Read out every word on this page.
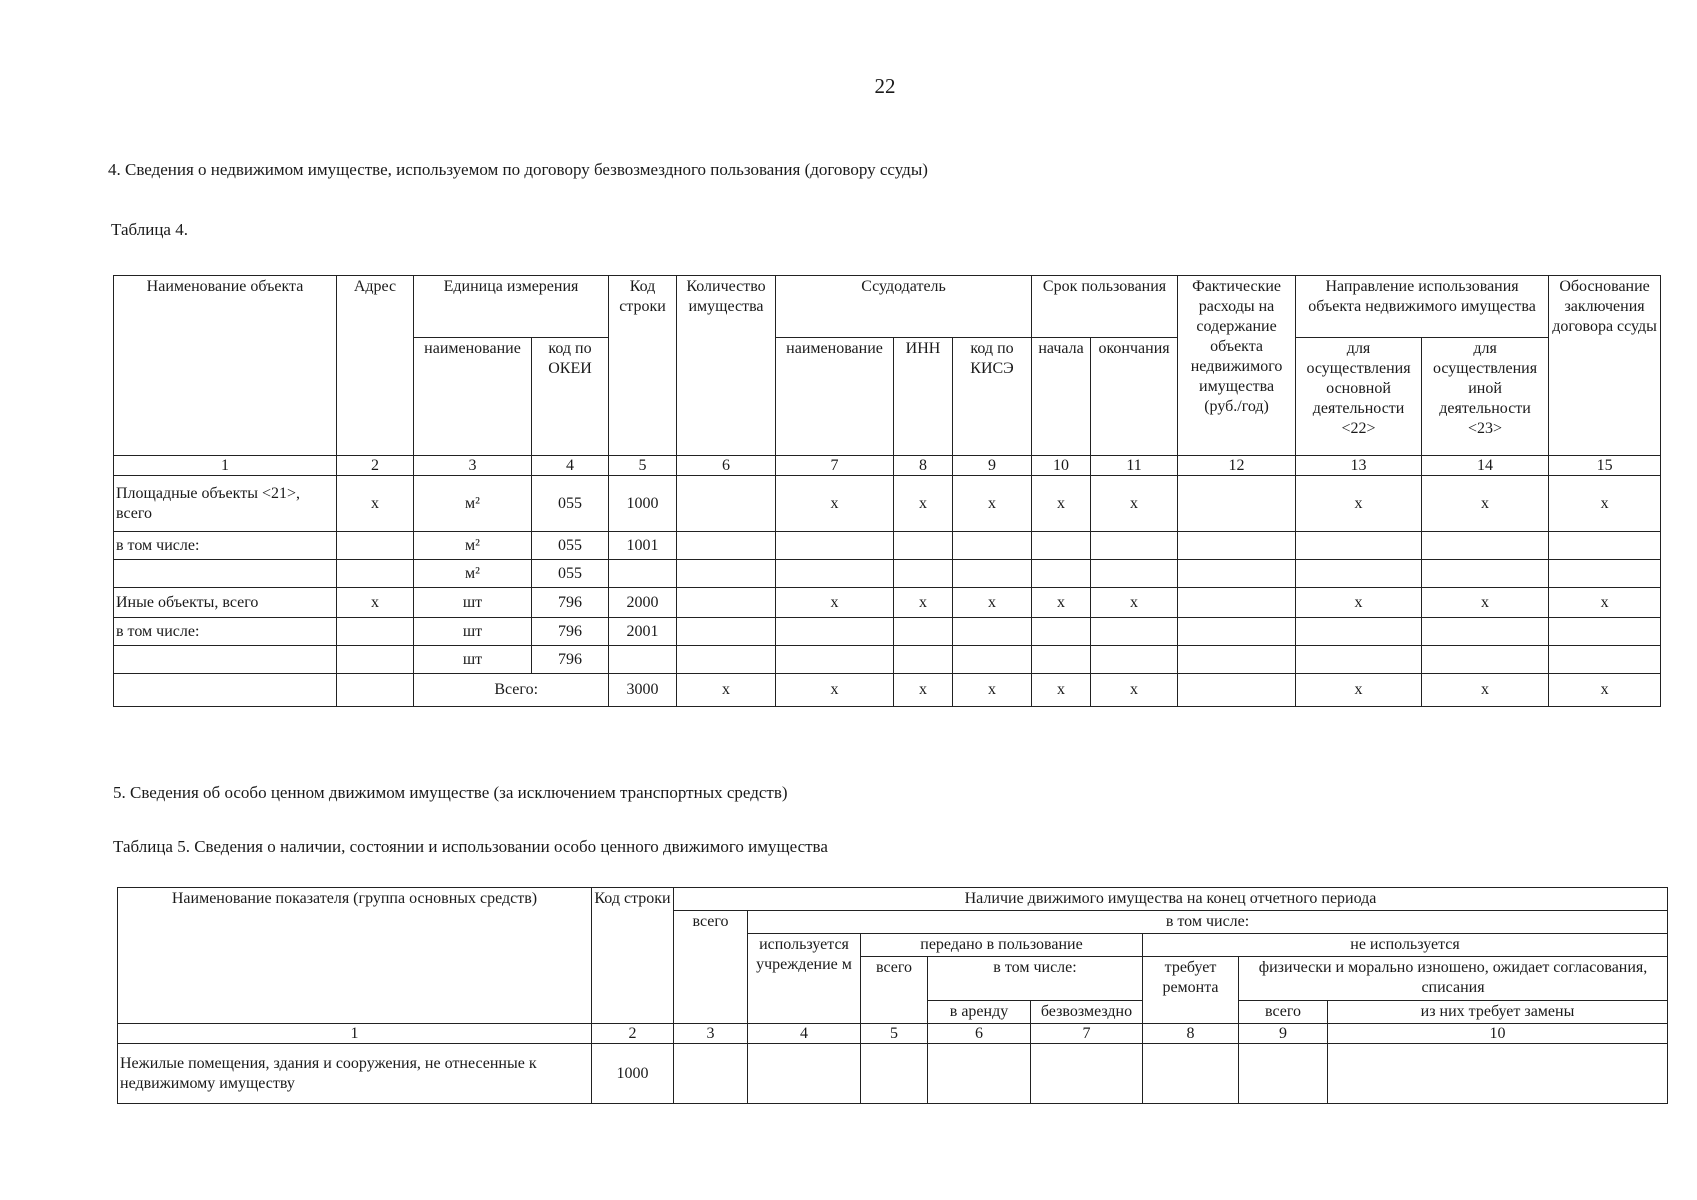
22
4. Сведения о недвижимом имуществе, используемом по договору безвозмездного пользования (договору ссуды)
Таблица 4.
Наименование объекта	Адрес	Единица измерения		Код строки	Количество имущества	Ссудодатель			Срок пользования		Фактические расходы на содержание объекта недвижимого имущества (руб./год)	Направление использования объекта недвижимого имущества		Обоснование заключения договора ссуды
		наименование	код по ОКЕИ			наименование	ИНН	код по КИСЭ	начала	окончания		для осуществления основной деятельности <22>	для осуществления иной деятельности <23>	
1	2	3	4	5	6	7	8	9	10	11	12	13	14	15
Площадные объекты <21>, всего	x	м²	055	1000		x	x	x	x	x		x	x	x
в том числе:		м²	055	1001										
		м²	055											
Иные объекты, всего	x	шт	796	2000		x	x	x	x	x		x	x	x
в том числе:		шт	796	2001										
		шт	796											
		Всего:		3000	x	x	x	x	x	x		x	x	x
5. Сведения об особо ценном движимом имуществе (за исключением транспортных средств)
Таблица 5. Сведения о наличии, состоянии и использовании особо ценного движимого имущества
Наименование показателя (группа основных средств)	Код строки	Наличие движимого имущества на конец отчетного периода							
		всего	в том числе:						
			используется учреждение м	передано в пользование			не используется		
				всего	в том числе:		требует ремонта	физически и морально изношено, ожидает согласования, списания	
					в аренду	безвозмездно		всего	из них требует замены
1	2	3	4	5	6	7	8	9	10
Нежилые помещения, здания и сооружения, не отнесенные к недвижимому имуществу	1000								
